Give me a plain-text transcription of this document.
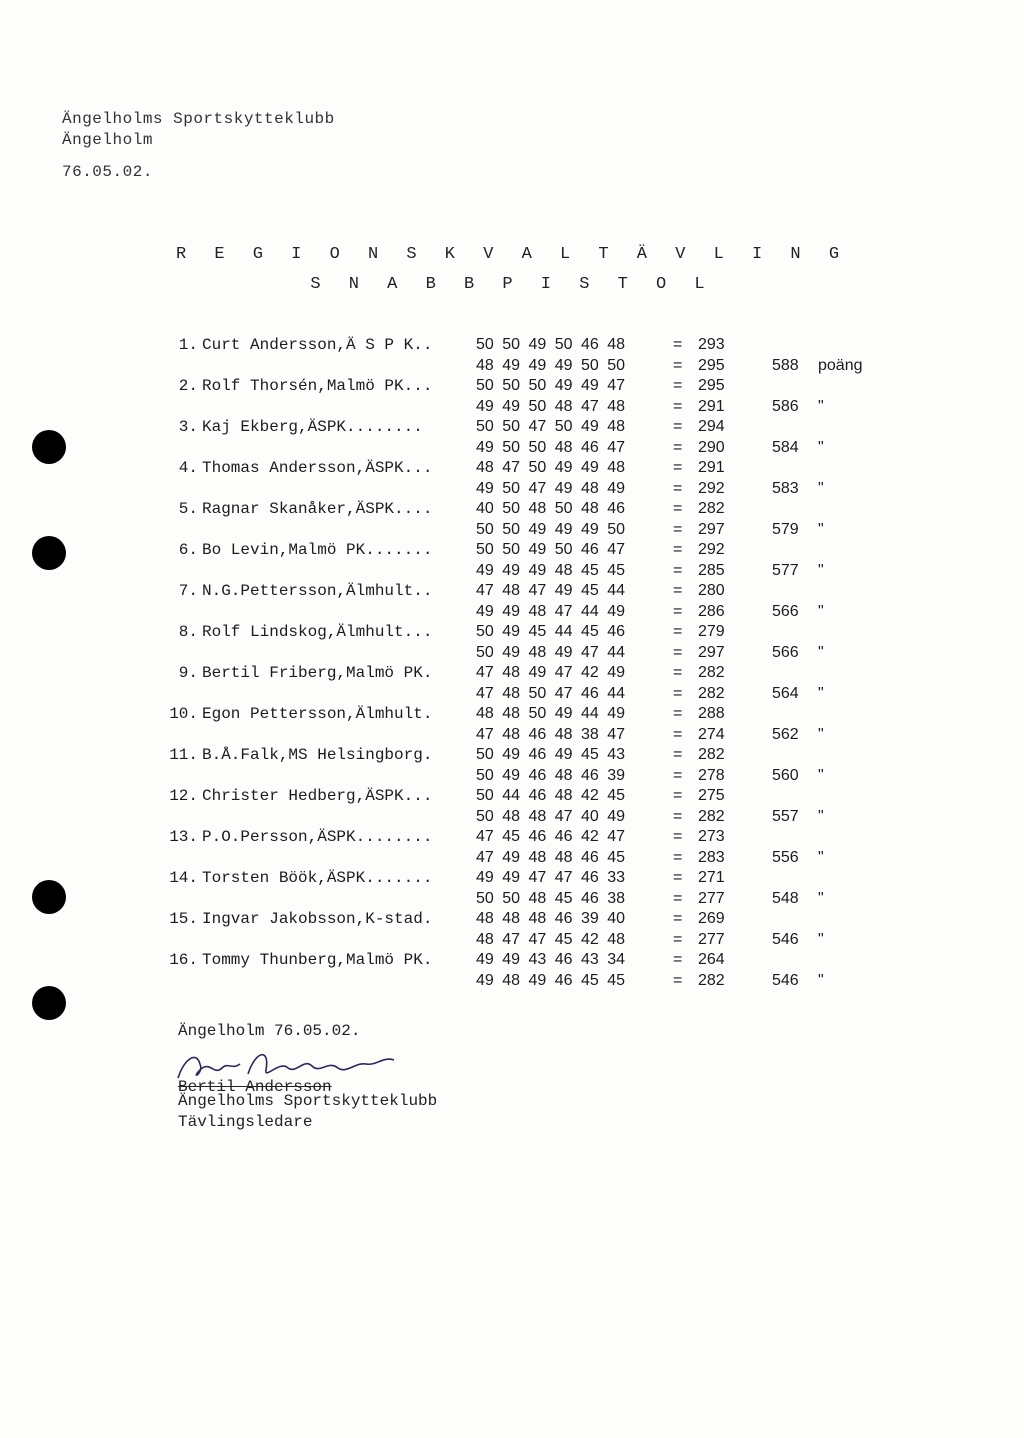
Ängelholms Sportskytteklubb
Ängelholm
76.05.02.
R E G I O N S K V A L T Ä V L I N G
S N A B B P I S T O L
1. Curt Andersson,Ä S P K..	50 50 49 50 46 48	= 293
48 49 49 49 50 50	= 295	588 poäng
2. Rolf Thorsén,Malmö PK...	50 50 50 49 49 47	= 295
49 49 50 48 47 48	= 291	586 "
3. Kaj Ekberg,ÄSPK........	50 50 47 50 49 48	= 294
49 50 50 48 46 47	= 290	584 "
4. Thomas Andersson,ÄSPK...	48 47 50 49 49 48	= 291
49 50 47 49 48 49	= 292	583 "
5. Ragnar Skanåker,ÄSPK....	40 50 48 50 48 46	= 282
50 50 49 49 49 50	= 297	579 "
6. Bo Levin,Malmö PK.......	50 50 49 50 46 47	= 292
49 49 49 48 45 45	= 285	577 "
7. N.G.Pettersson,Älmhult..	47 48 47 49 45 44	= 280
49 49 48 47 44 49	= 286	566 "
8. Rolf Lindskog,Älmhult...	50 49 45 44 45 46	= 279
50 49 48 49 47 44	= 297	566 "
9. Bertil Friberg,Malmö PK.	47 48 49 47 42 49	= 282
47 48 50 47 46 44	= 282	564 "
10. Egon Pettersson,Älmhult.	48 48 50 49 44 49	= 288
47 48 46 48 38 47	= 274	562 "
11. B.Å.Falk,MS Helsingborg.	50 49 46 49 45 43	= 282
50 49 46 48 46 39	= 278	560 "
12. Christer Hedberg,ÄSPK...	50 44 46 48 42 45	= 275
50 48 48 47 40 49	= 282	557 "
13. P.O.Persson,ÄSPK........	47 45 46 46 42 47	= 273
47 49 48 48 46 45	= 283	556 "
14. Torsten Böök,ÄSPK.......	49 49 47 47 46 33	= 271
50 50 48 45 46 38	= 277	548 "
15. Ingvar Jakobsson,K-stad.	48 48 48 46 39 40	= 269
48 47 47 45 42 48	= 277	546 "
16. Tommy Thunberg,Malmö PK.	49 49 43 46 43 34	= 264
49 48 49 46 45 45	= 282	546 "
Ängelholm 76.05.02.
Bertil Andersson
Ängelholms Sportskytteklubb
Tävlingsledare
